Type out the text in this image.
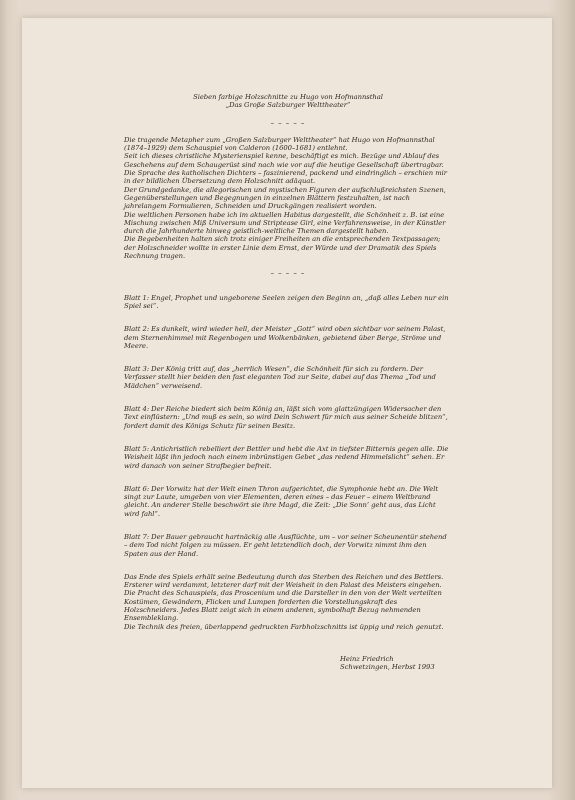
Sieben farbige Holzschnitte zu Hugo von Hofmannsthal
„Das Große Salzburger Welttheater“
– – – – –
Die tragende Metapher zum „Großen Salzburger Welttheater“ hat Hugo von Hofmannsthal (1874–1929) dem Schauspiel von Calderon (1600–1681) entlehnt.
Seit ich dieses christliche Mysterienspiel kenne, beschäftigt es mich. Bezüge und Ablauf des Geschehens auf dem Schaugerüst sind nach wie vor auf die heutige Gesellschaft übertragbar.
Die Sprache des katholischen Dichters – faszinierend, packend und eindringlich – erschien mir in der bildlichen Übersetzung dem Holzschnitt adäquat.
Der Grundgedanke, die allegorischen und mystischen Figuren der aufschlußreichsten Szenen, Gegenüberstellungen und Begegnungen in einzelnen Blättern festzuhalten, ist nach jahrelangem Formulieren, Schneiden und Druckgängen realisiert worden.
Die weltlichen Personen habe ich im aktuellen Habitus dargestellt, die Schönheit z. B. ist eine Mischung zwischen Miß Universum und Striptease Girl, eine Verfahrensweise, in der Künstler durch die Jahrhunderte hinweg geistlich-weltliche Themen dargestellt haben.
Die Begebenheiten halten sich trotz einiger Freiheiten an die entsprechenden Textpassagen; der Holzschneider wollte in erster Linie dem Ernst, der Würde und der Dramatik des Spiels Rechnung tragen.
– – – – –
Blatt 1: Engel, Prophet und ungeborene Seelen zeigen den Beginn an, „daß alles Leben nur ein Spiel sei“.
Blatt 2: Es dunkelt, wird wieder hell, der Meister „Gott“ wird oben sichtbar vor seinem Palast, dem Sternenhimmel mit Regenbogen und Wolkenbänken, gebietend über Berge, Ströme und Meere.
Blatt 3: Der König tritt auf, das „herrlich Wesen“, die Schönheit für sich zu fordern. Der Verfasser stellt hier beiden den fast eleganten Tod zur Seite, dabei auf das Thema „Tod und Mädchen“ verweisend.
Blatt 4: Der Reiche biedert sich beim König an, läßt sich vom glattzüngigen Widersacher den Text einflüstern: „Und muß es sein, so wird Dein Schwert für mich aus seiner Scheide blitzen“, fordert damit des Königs Schutz für seinen Besitz.
Blatt 5: Antichristlich rebelliert der Bettler und hebt die Axt in tiefster Bitternis gegen alle. Die Weisheit läßt ihn jedoch nach einem inbrünstigen Gebet „das redend Himmelslicht“ sehen. Er wird danach von seiner Strafbegier befreit.
Blatt 6: Der Vorwitz hat der Welt einen Thron aufgerichtet, die Symphonie hebt an. Die Welt singt zur Laute, umgeben von vier Elementen, deren eines – das Feuer – einem Weltbrand gleicht. An anderer Stelle beschwört sie ihre Magd, die Zeit: „Die Sonn’ geht aus, das Licht wird fahl“.
Blatt 7: Der Bauer gebraucht hartnäckig alle Ausflüchte, um – vor seiner Scheunentür stehend – dem Tod nicht folgen zu müssen. Er geht letztendlich doch, der Vorwitz nimmt ihm den Spaten aus der Hand.
Das Ende des Spiels erhält seine Bedeutung durch das Sterben des Reichen und des Bettlers. Ersterer wird verdammt, letzterer darf mit der Weisheit in den Palast des Meisters eingehen.
Die Pracht des Schauspiels, das Proscenium und die Darsteller in den von der Welt verteilten Kostümen, Gewändern, Flicken und Lumpen forderten die Vorstellungskraft des Holzschneiders. Jedes Blatt zeigt sich in einem anderen, symbolhaft Bezug nehmenden Ensembleklang.
Die Technik des freien, überlappend gedruckten Farbholzschnitts ist üppig und reich genutzt.
Heinz Friedrich
Schwetzingen, Herbst 1993
